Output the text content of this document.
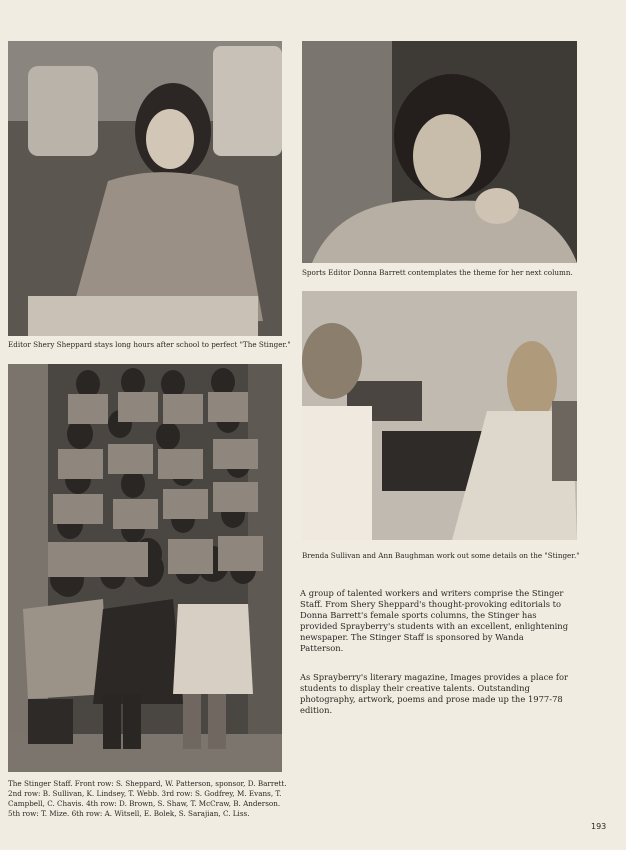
Editor Shery Sheppard stays long hours after school to perfect "The Stinger."
Sports Editor Donna Barrett contemplates the theme for her next column.
Brenda Sullivan and Ann Baughman work out some details on the "Stinger."
The Stinger Staff. Front row: S. Sheppard, W. Patterson, sponsor, D. Barrett.
2nd row: B. Sullivan, K. Lindsey, T. Webb. 3rd row: S. Godfrey, M. Evans, T.
Campbell, C. Chavis. 4th row: D. Brown, S. Shaw, T. McCraw, B. Anderson.
5th row: T. Mize. 6th row: A. Witsell, E. Bolek, S. Sarajian, C. Liss.
A group of talented workers and writers comprise the Stinger
Staff. From Shery Sheppard's thought-provoking editorials to
Donna Barrett's female sports columns, the Stinger has
provided Sprayberry's students with an excellent, enlightening
newspaper. The Stinger Staff is sponsored by Wanda
Patterson.
As Sprayberry's literary magazine, Images provides a place for
students to display their creative talents. Outstanding
photography, artwork, poems and prose made up the 1977-78
edition.
193
